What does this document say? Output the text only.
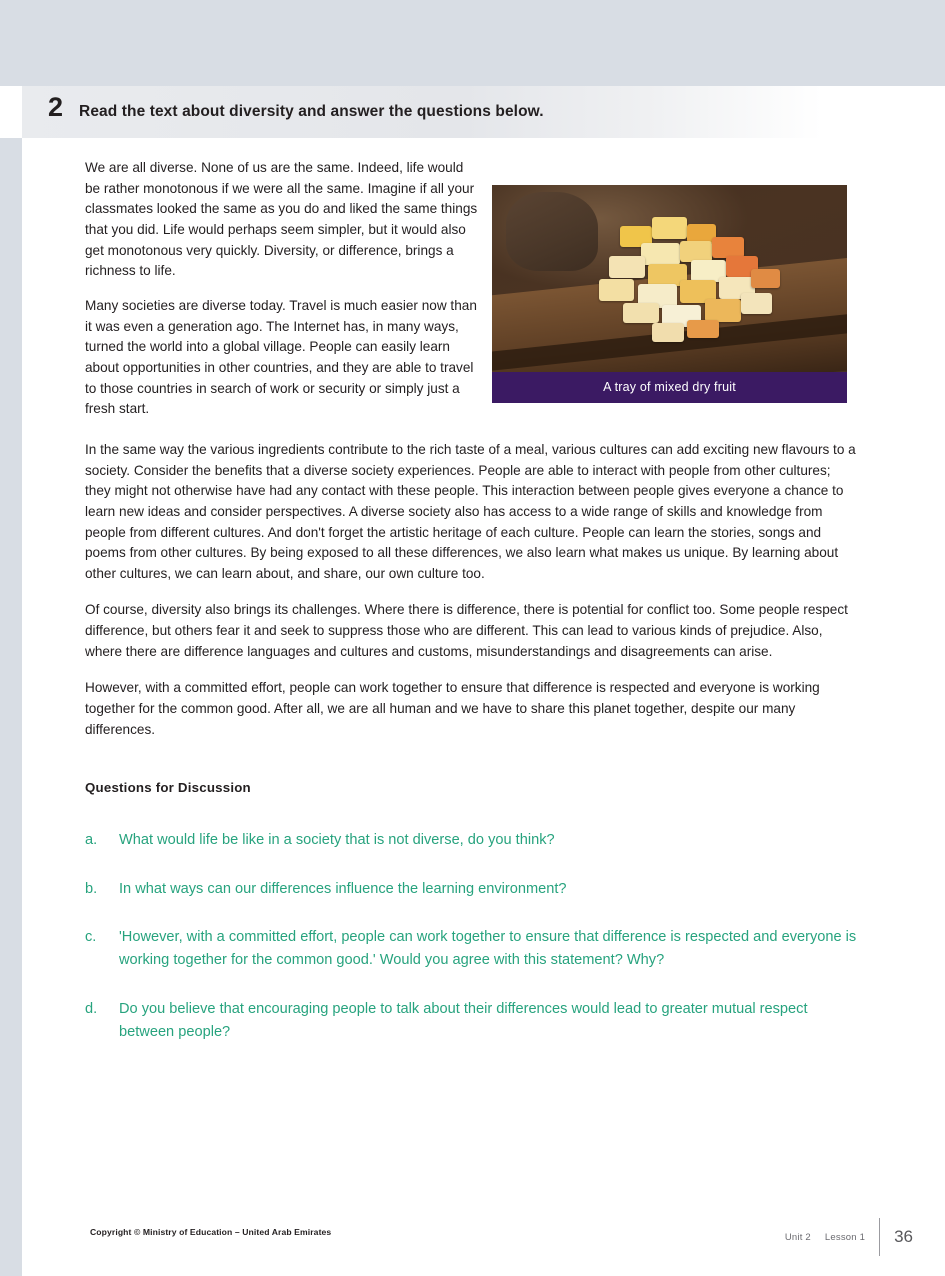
2 Read the text about diversity and answer the questions below.

We are all diverse. None of us are the same. Indeed, life would be rather monotonous if we were all the same. Imagine if all your classmates looked the same as you do and liked the same things that you did. Life would perhaps seem simpler, but it would also get monotonous very quickly. Diversity, or difference, brings a richness to life.

Many societies are diverse today. Travel is much easier now than it was even a generation ago. The Internet has, in many ways, turned the world into a global village. People can easily learn about opportunities in other countries, and they are able to travel to those countries in search of work or security or simply just a fresh start.

A tray of mixed dry fruit

In the same way the various ingredients contribute to the rich taste of a meal, various cultures can add exciting new flavours to a society. Consider the benefits that a diverse society experiences. People are able to interact with people from other cultures; they might not otherwise have had any contact with these people. This interaction between people gives everyone a chance to learn new ideas and consider perspectives. A diverse society also has access to a wide range of skills and knowledge from people from different cultures. And don't forget the artistic heritage of each culture. People can learn the stories, songs and poems from other cultures. By being exposed to all these differences, we also learn what makes us unique. By learning about other cultures, we can learn about, and share, our own culture too.

Of course, diversity also brings its challenges. Where there is difference, there is potential for conflict too. Some people respect difference, but others fear it and seek to suppress those who are different. This can lead to various kinds of prejudice. Also, where there are difference languages and cultures and customs, misunderstandings and disagreements can arise.

However, with a committed effort, people can work together to ensure that difference is respected and everyone is working together for the common good. After all, we are all human and we have to share this planet together, despite our many differences.

Questions for Discussion
a.	What would life be like in a society that is not diverse, do you think?
b.	In what ways can our differences influence the learning environment?
c.	'However, with a committed effort, people can work together to ensure that difference is respected and everyone is working together for the common good.' Would you agree with this statement? Why?
d.	Do you believe that encouraging people to talk about their differences would lead to greater mutual respect between people?
Copyright © Ministry of Education – United Arab Emirates	Unit 2 Lesson 1 36
